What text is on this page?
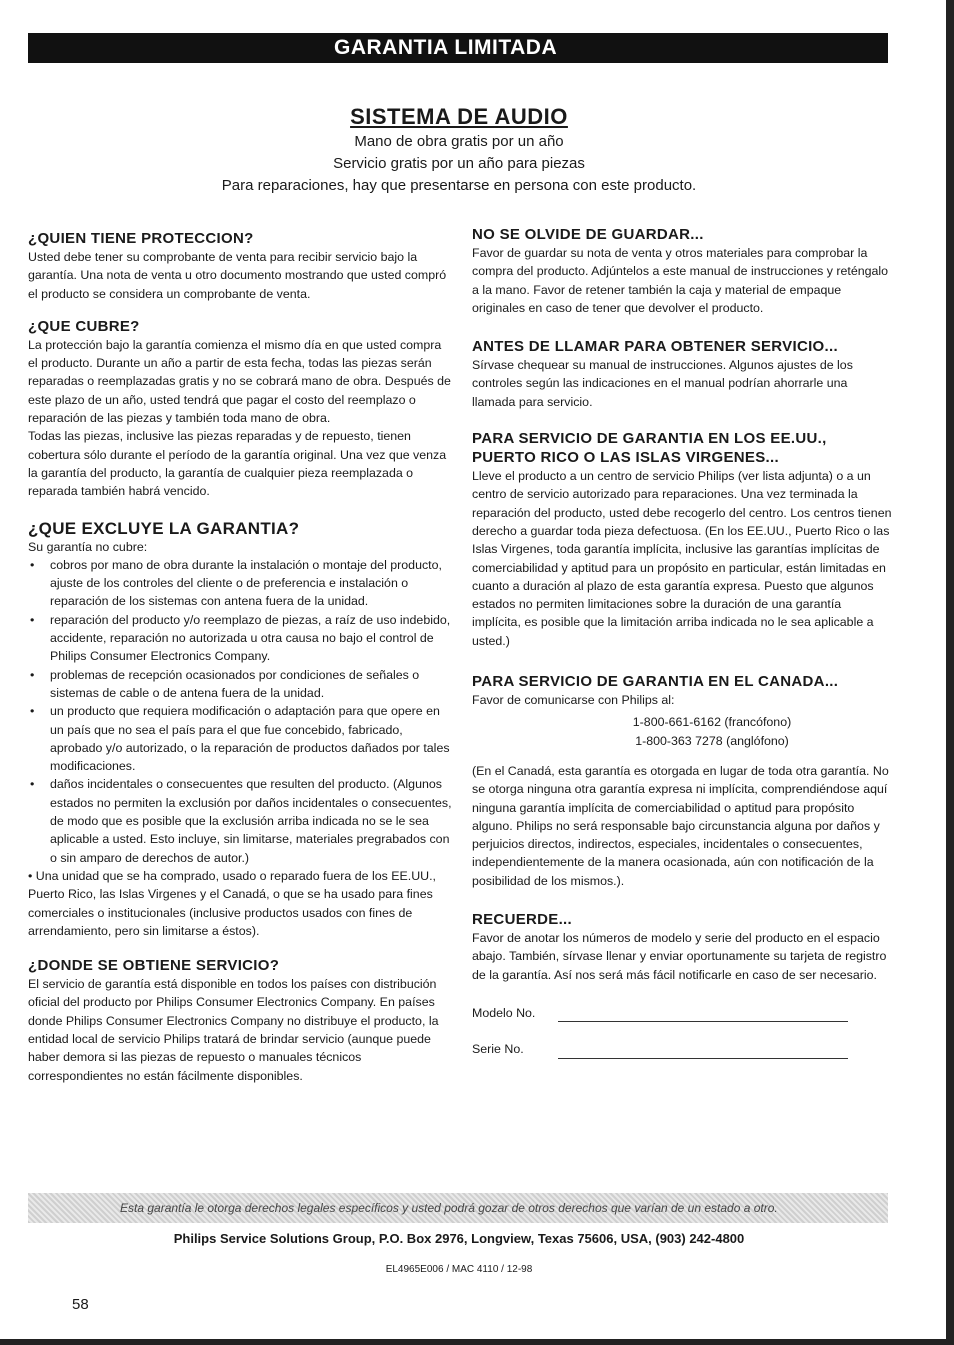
GARANTIA LIMITADA
SISTEMA DE AUDIO
Mano de obra gratis por un año
Servicio gratis por un año para piezas
Para reparaciones, hay que presentarse en persona con este producto.
¿QUIEN TIENE PROTECCION?

Usted debe tener su comprobante de venta para recibir servicio bajo la garantía. Una nota de venta u otro documento mostrando que usted compró el producto se considera un comprobante de venta.

¿QUE CUBRE?

La protección bajo la garantía comienza el mismo día en que usted compra el producto. Durante un año a partir de esta fecha, todas las piezas serán reparadas o reemplazadas gratis y no se cobrará mano de obra. Después de este plazo de un año, usted tendrá que pagar el costo del reemplazo o reparación de las piezas y también toda mano de obra.

Todas las piezas, inclusive las piezas reparadas y de repuesto, tienen cobertura sólo durante el período de la garantía original. Una vez que venza la garantía del producto, la garantía de cualquier pieza reemplazada o reparada también habrá vencido.

¿QUE EXCLUYE LA GARANTIA?

Su garantía no cubre:

• cobros por mano de obra durante la instalación o montaje del producto, ajuste de los controles del cliente o de preferencia e instalación o reparación de los sistemas con antena fuera de la unidad.
• reparación del producto y/o reemplazo de piezas, a raíz de uso indebido, accidente, reparación no autorizada u otra causa no bajo el control de Philips Consumer Electronics Company.
• problemas de recepción ocasionados por condiciones de señales o sistemas de cable o de antena fuera de la unidad.
• un producto que requiera modificación o adaptación para que opere en un país que no sea el país para el que fue concebido, fabricado, aprobado y/o autorizado, o la reparación de productos dañados por tales modificaciones.
• daños incidentales o consecuentes que resulten del producto. (Algunos estados no permiten la exclusión por daños incidentales o consecuentes, de modo que es posible que la exclusión arriba indicada no se le sea aplicable a usted. Esto incluye, sin limitarse, materiales pregrabados con o sin amparo de derechos de autor.)

• Una unidad que se ha comprado, usado o reparado fuera de los EE.UU., Puerto Rico, las Islas Virgenes y el Canadá, o que se ha usado para fines comerciales o institucionales (inclusive productos usados con fines de arrendamiento, pero sin limitarse a éstos).

¿DONDE SE OBTIENE SERVICIO?

El servicio de garantía está disponible en todos los países con distribución oficial del producto por Philips Consumer Electronics Company. En países donde Philips Consumer Electronics Company no distribuye el producto, la entidad local de servicio Philips tratará de brindar servicio (aunque puede haber demora si las piezas de repuesto o manuales técnicos correspondientes no están fácilmente disponibles.

NO SE OLVIDE DE GUARDAR...

Favor de guardar su nota de venta y otros materiales para comprobar la compra del producto. Adjúntelos a este manual de instrucciones y reténgalo a la mano. Favor de retener también la caja y material de empaque originales en caso de tener que devolver el producto.

ANTES DE LLAMAR PARA OBTENER SERVICIO...

Sírvase chequear su manual de instrucciones. Algunos ajustes de los controles según las indicaciones en el manual podrían ahorrarle una llamada para servicio.

PARA SERVICIO DE GARANTIA EN LOS EE.UU., PUERTO RICO O LAS ISLAS VIRGENES...

Lleve el producto a un centro de servicio Philips (ver lista adjunta) o a un centro de servicio autorizado para reparaciones. Una vez terminada la reparación del producto, usted debe recogerlo del centro. Los centros tienen derecho a guardar toda pieza defectuosa. (En los EE.UU., Puerto Rico o las Islas Virgenes, toda garantía implícita, inclusive las garantías implícitas de comerciabilidad y aptitud para un propósito en particular, están limitadas en cuanto a duración al plazo de esta garantía expresa. Puesto que algunos estados no permiten limitaciones sobre la duración de una garantía implícita, es posible que la limitación arriba indicada no le sea aplicable a usted.)

PARA SERVICIO DE GARANTIA EN EL CANADA...

Favor de comunicarse con Philips al:

1-800-661-6162 (francófono)
1-800-363 7278 (anglófono)

(En el Canadá, esta garantía es otorgada en lugar de toda otra garantía. No se otorga ninguna otra garantía expresa ni implícita, comprendiéndose aquí ninguna garantía implícita de comerciabilidad o aptitud para propósito alguno. Philips no será responsable bajo circunstancia alguna por daños y perjuicios directos, indirectos, especiales, incidentales o consecuentes, independientemente de la manera ocasionada, aún con notificación de la posibilidad de los mismos.).

RECUERDE...

Favor de anotar los números de modelo y serie del producto en el espacio abajo. También, sírvase llenar y enviar oportunamente su tarjeta de registro de la garantía. Así nos será más fácil notificarle en caso de ser necesario.

Modelo No.
Serie No.
Esta garantía le otorga derechos legales específicos y usted podrá gozar de otros derechos que varían de un estado a otro.
Philips Service Solutions Group, P.O. Box 2976, Longview, Texas 75606, USA, (903) 242-4800
EL4965E006 / MAC 4110 / 12-98
58
